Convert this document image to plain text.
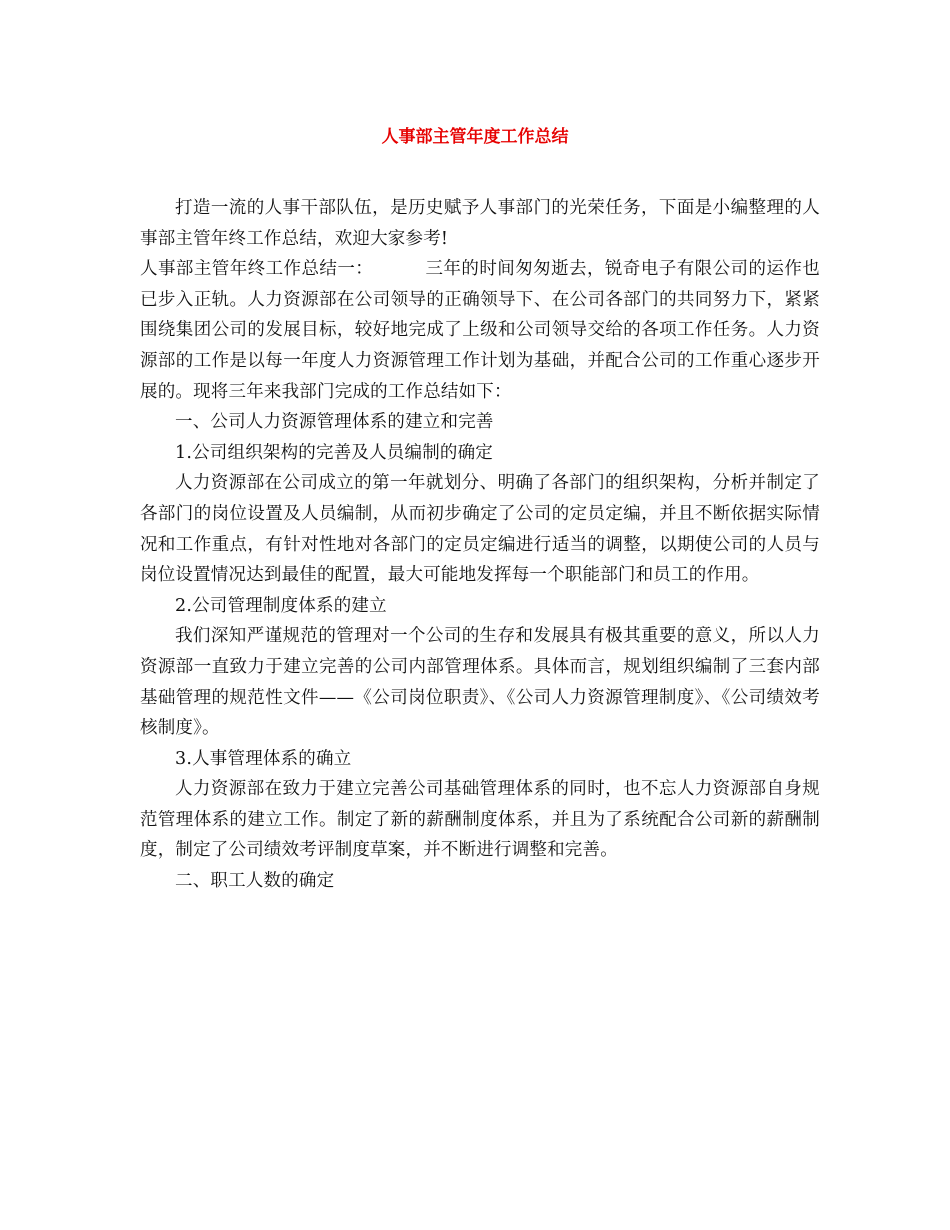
人事部主管年度工作总结

打造一流的人事干部队伍，是历史赋予人事部门的光荣任务，下面是小编整理的人事部主管年终工作总结，欢迎大家参考!

人事部主管年终工作总结一：	三年的时间匆匆逝去，锐奇电子有限公司的运作也已步入正轨。人力资源部在公司领导的正确领导下、在公司各部门的共同努力下，紧紧围绕集团公司的发展目标，较好地完成了上级和公司领导交给的各项工作任务。人力资源部的工作是以每一年度人力资源管理工作计划为基础，并配合公司的工作重心逐步开展的。现将三年来我部门完成的工作总结如下：

一、公司人力资源管理体系的建立和完善

1.公司组织架构的完善及人员编制的确定

人力资源部在公司成立的第一年就划分、明确了各部门的组织架构，分析并制定了各部门的岗位设置及人员编制，从而初步确定了公司的定员定编，并且不断依据实际情况和工作重点，有针对性地对各部门的定员定编进行适当的调整，以期使公司的人员与岗位设置情况达到最佳的配置，最大可能地发挥每一个职能部门和员工的作用。

2.公司管理制度体系的建立

我们深知严谨规范的管理对一个公司的生存和发展具有极其重要的意义，所以人力资源部一直致力于建立完善的公司内部管理体系。具体而言，规划组织编制了三套内部基础管理的规范性文件——《公司岗位职责》、《公司人力资源管理制度》、《公司绩效考核制度》。

3.人事管理体系的确立

人力资源部在致力于建立完善公司基础管理体系的同时，也不忘人力资源部自身规范管理体系的建立工作。制定了新的薪酬制度体系，并且为了系统配合公司新的薪酬制度，制定了公司绩效考评制度草案，并不断进行调整和完善。

二、职工人数的确定
